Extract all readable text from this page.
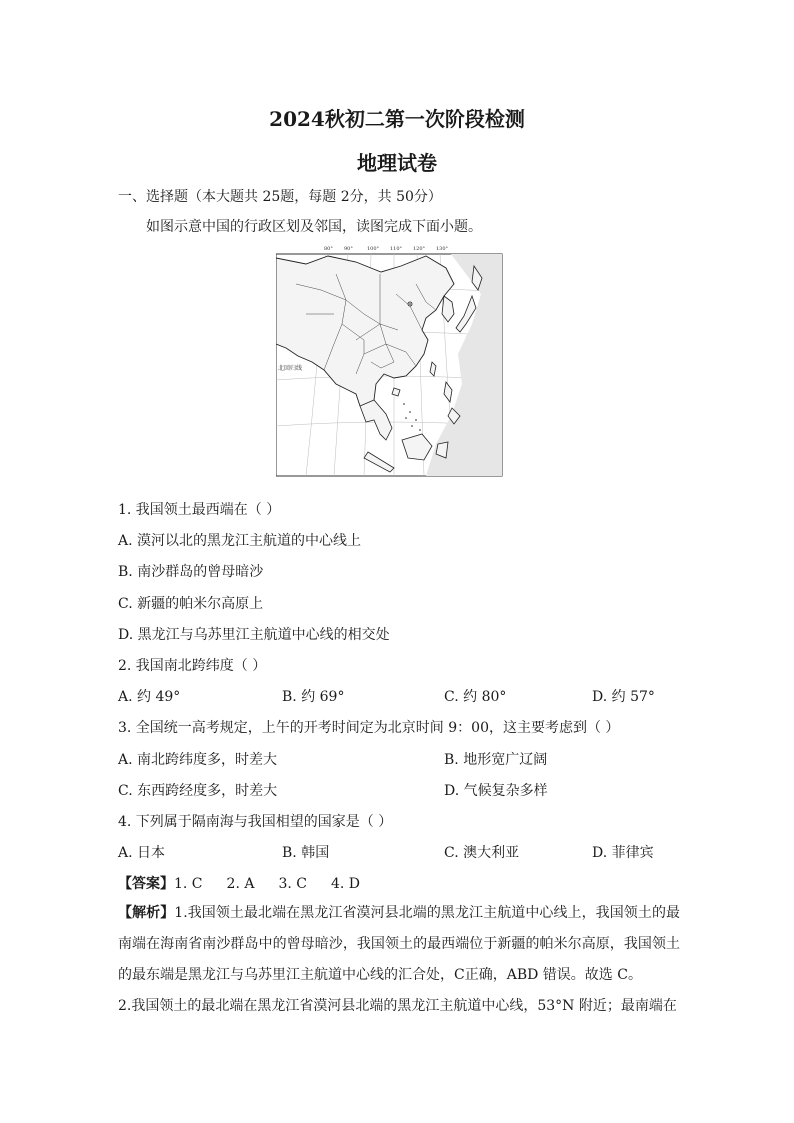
2024秋初二第一次阶段检测
地理试卷
一、选择题（本大题共 25题，每题 2分，共 50分）
如图示意中国的行政区划及邻国，读图完成下面小题。
80° 90°	100° 110° 120° 130°
北回归线
1. 我国领土最西端在（ ）
A. 漠河以北的黑龙江主航道的中心线上
B. 南沙群岛的曾母暗沙
C. 新疆的帕米尔高原上
D. 黑龙江与乌苏里江主航道中心线的相交处
2. 我国南北跨纬度（ ）
A. 约 49°	B. 约 69°	C. 约 80°	D. 约 57°
3. 全国统一高考规定，上午的开考时间定为北京时间 9：00，这主要考虑到（ ）
A. 南北跨纬度多，时差大	B. 地形宽广辽阔
C. 东西跨经度多，时差大	D. 气候复杂多样
4. 下列属于隔南海与我国相望的国家是（ ）
A. 日本	B. 韩国	C. 澳大利亚	D. 菲律宾
【答案】1. C 2. A 3. C 4. D
【解析】1.我国领土最北端在黑龙江省漠河县北端的黑龙江主航道中心线上，我国领土的最南端在海南省南沙群岛中的曾母暗沙，我国领土的最西端位于新疆的帕米尔高原，我国领土的最东端是黑龙江与乌苏里江主航道中心线的汇合处，C正确，ABD 错误。故选 C。
2.我国领土的最北端在黑龙江省漠河县北端的黑龙江主航道中心线，53°N 附近；最南端在
